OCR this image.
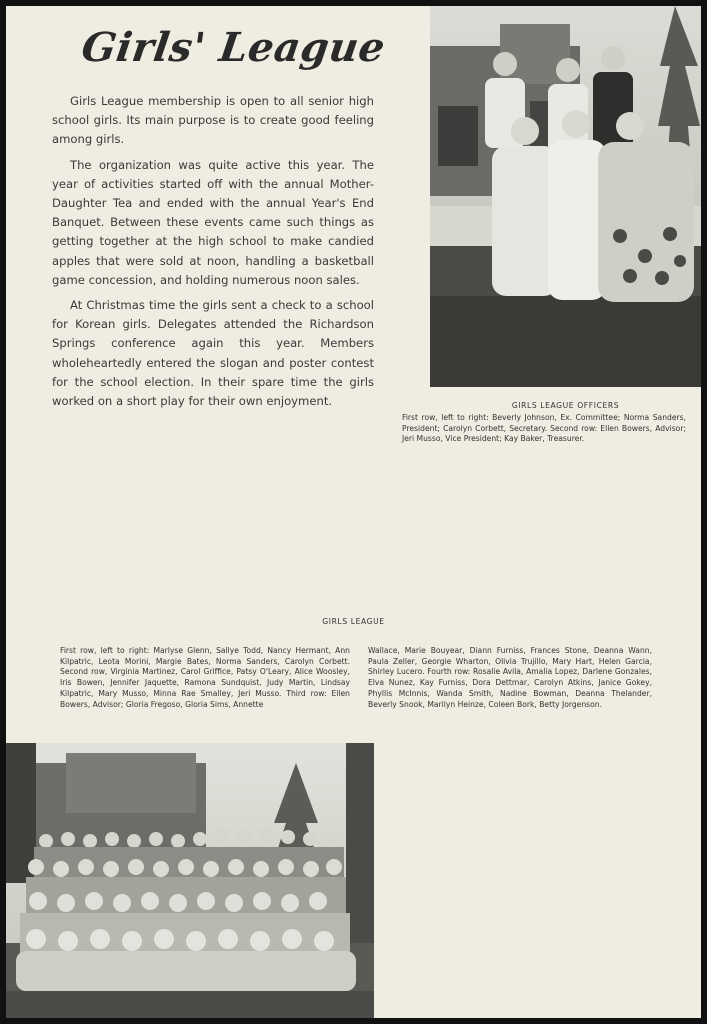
Girls' League

Girls League membership is open to all senior high school girls. Its main purpose is to create good feeling among girls.

The organization was quite active this year. The year of activities started off with the annual Mother-Daughter Tea and ended with the annual Year's End Banquet. Between these events came such things as getting together at the high school to make candied apples that were sold at noon, handling a basketball game concession, and holding numerous noon sales.

At Christmas time the girls sent a check to a school for Korean girls. Delegates attended the Richardson Springs conference again this year. Members wholeheartedly entered the slogan and poster contest for the school election. In their spare time the girls worked on a short play for their own enjoyment.	GIRLS LEAGUE OFFICERS
First row, left to right: Beverly Johnson, Ex. Committee; Norma Sanders, President; Carolyn Corbett, Secretary. Second row: Ellen Bowers, Advisor; Jeri Musso, Vice President; Kay Baker, Treasurer.
GIRLS LEAGUE
First row, left to right: Marlyse Glenn, Sallye Todd, Nancy Hermant, Ann Kilpatric, Leota Morini, Margie Bates, Norma Sanders, Carolyn Corbett. Second row, Virginia Martinez, Carol Griffice, Patsy O'Leary, Alice Woosley, Iris Bowen, Jennifer Jaquette, Ramona Sundquist, Judy Martin, Lindsay Kilpatric, Mary Musso, Minna Rae Smalley, Jeri Musso. Third row: Ellen Bowers, Advisor; Gloria Fregoso, Gloria Sims, Annette
Wallace, Marie Bouyear, Diann Furniss, Frances Stone, Deanna Wann, Paula Zeller, Georgie Wharton, Olivia Trujillo, Mary Hart, Helen Garcia, Shirley Lucero. Fourth row: Rosalie Avila, Amalia Lopez, Darlene Gonzales, Elva Nunez, Kay Furniss, Dora Dettmar, Carolyn Atkins, Janice Gokey, Phyllis McInnis, Wanda Smith, Nadine Bowman, Deanna Thelander, Beverly Snook, Marilyn Heinze, Coleen Bork, Betty Jorgenson.
